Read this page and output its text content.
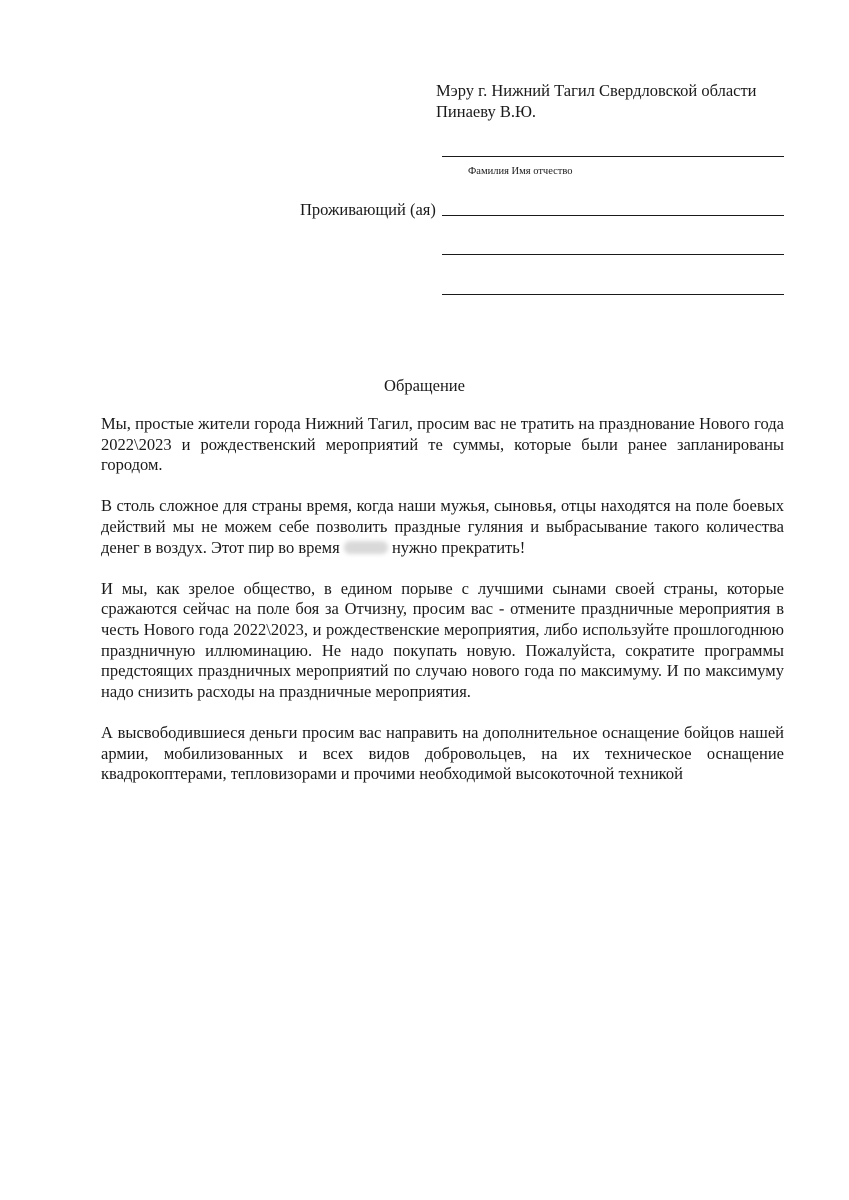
Мэру г. Нижний Тагил Свердловской области
Пинаеву В.Ю.
Фамилия Имя отчество
Проживающий (ая)
Обращение

Мы, простые жители города Нижний Тагил, просим вас не тратить на празднование Нового года 2022\2023 и рождественский мероприятий те суммы, которые были ранее запланированы городом.

В столь сложное для страны время, когда наши мужья, сыновья, отцы находятся на поле боевых действий мы не можем себе позволить праздные гуляния и выбрасывание такого количества денег в воздух. Этот пир во время	нужно прекратить!

И мы, как зрелое общество, в едином порыве с лучшими сынами своей страны, которые сражаются сейчас на поле боя за Отчизну, просим вас - отмените праздничные мероприятия в честь Нового года 2022\2023, и рождественские мероприятия, либо используйте прошлогоднюю праздничную иллюминацию. Не надо покупать новую. Пожалуйста, сократите программы предстоящих праздничных мероприятий по случаю нового года по максимуму. И по максимуму надо снизить расходы на праздничные мероприятия.

А высвободившиеся деньги просим вас направить на дополнительное оснащение бойцов нашей армии, мобилизованных и всех видов добровольцев, на их техническое оснащение квадрокоптерами, тепловизорами и прочими необходимой высокоточной техникой
